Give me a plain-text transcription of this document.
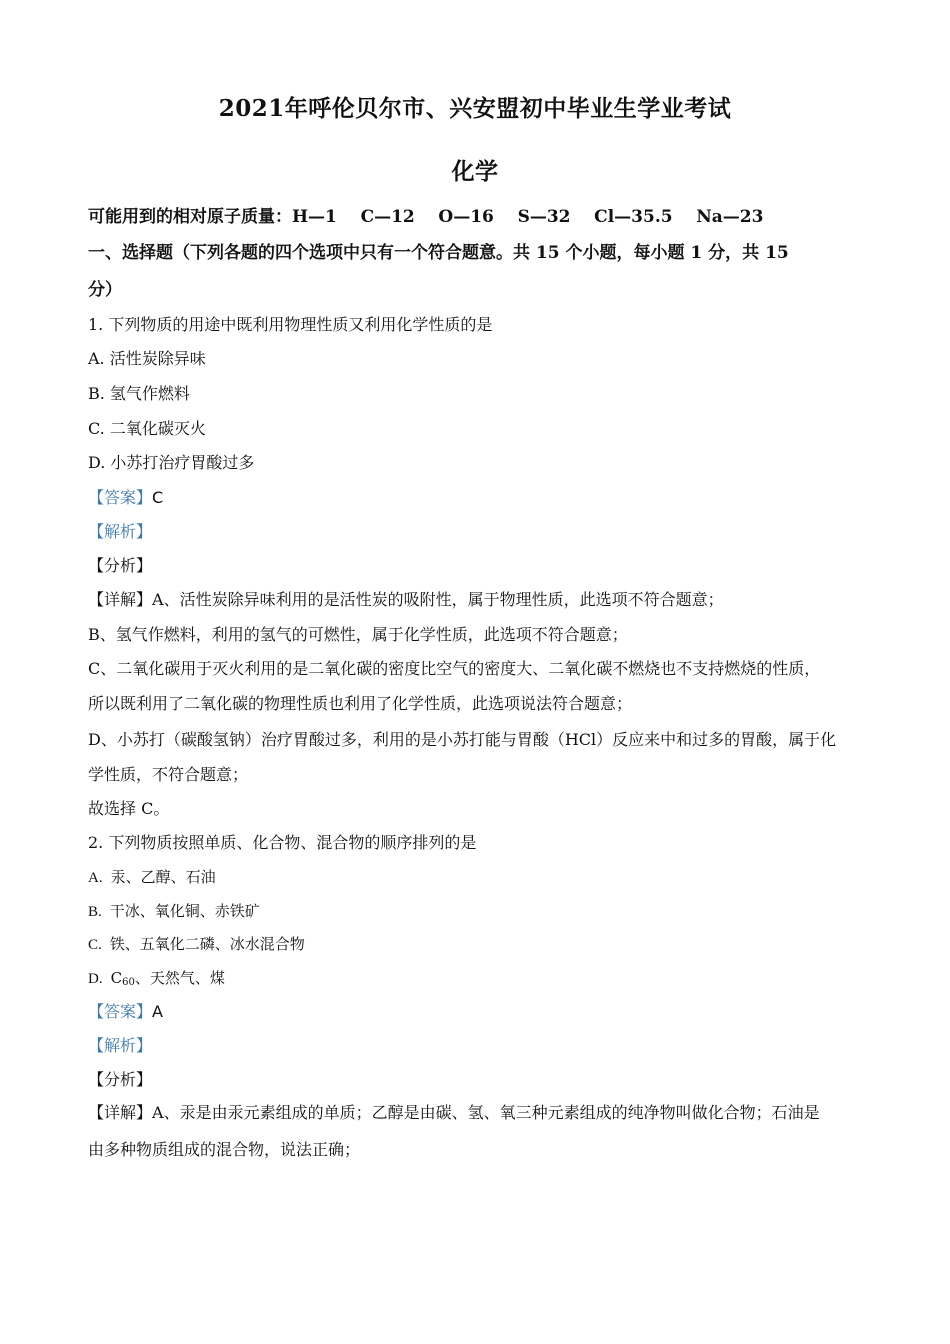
2021年呼伦贝尔市、兴安盟初中毕业生学业考试
化学
可能用到的相对原子质量：H—1    C—12    O—16    S—32    Cl—35.5    Na—23
一、选择题（下列各题的四个选项中只有一个符合题意。共 15 个小题，每小题 1 分，共 15
分）
1. 下列物质的用途中既利用物理性质又利用化学性质的是
A. 活性炭除异味
B. 氢气作燃料
C. 二氧化碳灭火
D. 小苏打治疗胃酸过多
【答案】C
【解析】
【分析】
【详解】A、活性炭除异味利用的是活性炭的吸附性，属于物理性质，此选项不符合题意；
B、氢气作燃料，利用的氢气的可燃性，属于化学性质，此选项不符合题意；
C、二氧化碳用于灭火利用的是二氧化碳的密度比空气的密度大、二氧化碳不燃烧也不支持燃烧的性质，
所以既利用了二氧化碳的物理性质也利用了化学性质，此选项说法符合题意；
D、小苏打（碳酸氢钠）治疗胃酸过多，利用的是小苏打能与胃酸（HCl）反应来中和过多的胃酸，属于化
学性质，不符合题意；
故选择 C。
2. 下列物质按照单质、化合物、混合物的顺序排列的是
A. 汞、乙醇、石油
B. 干冰、氧化铜、赤铁矿
C. 铁、五氧化二磷、冰水混合物
D. $C_{60}$、天然气、煤
【答案】A
【解析】
【分析】
【详解】A、汞是由汞元素组成的单质；乙醇是由碳、氢、氧三种元素组成的纯净物叫做化合物；石油是
由多种物质组成的混合物，说法正确；
